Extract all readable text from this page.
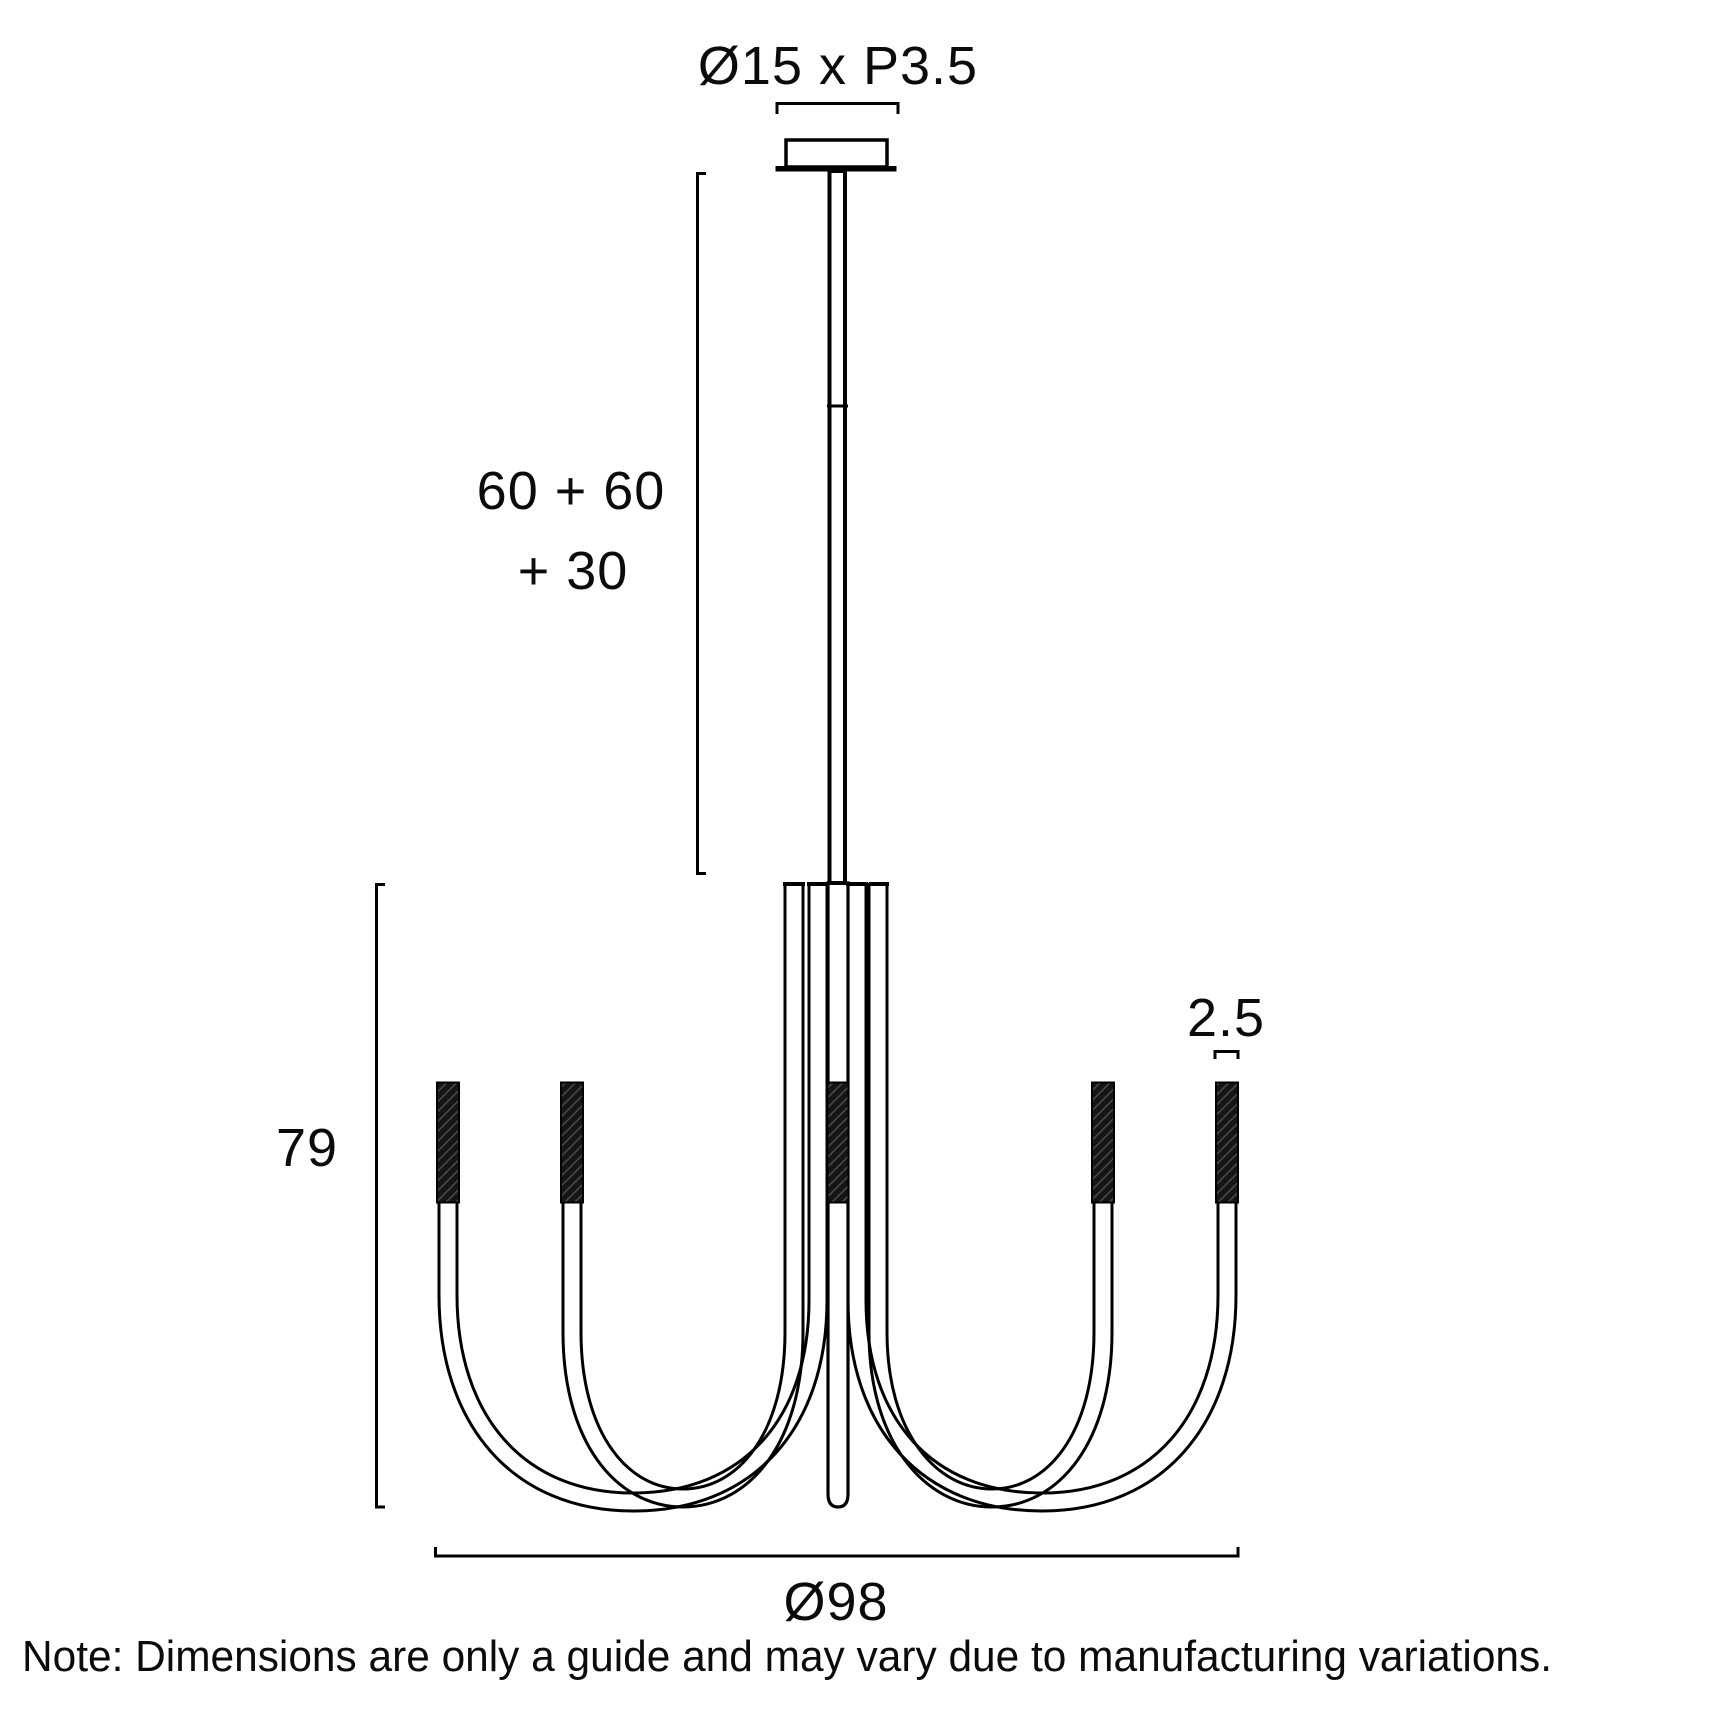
Ø15 x P3.5
60 + 60
+ 30
79
2.5
Ø98
Note: Dimensions are only a guide and may vary due to manufacturing variations.
